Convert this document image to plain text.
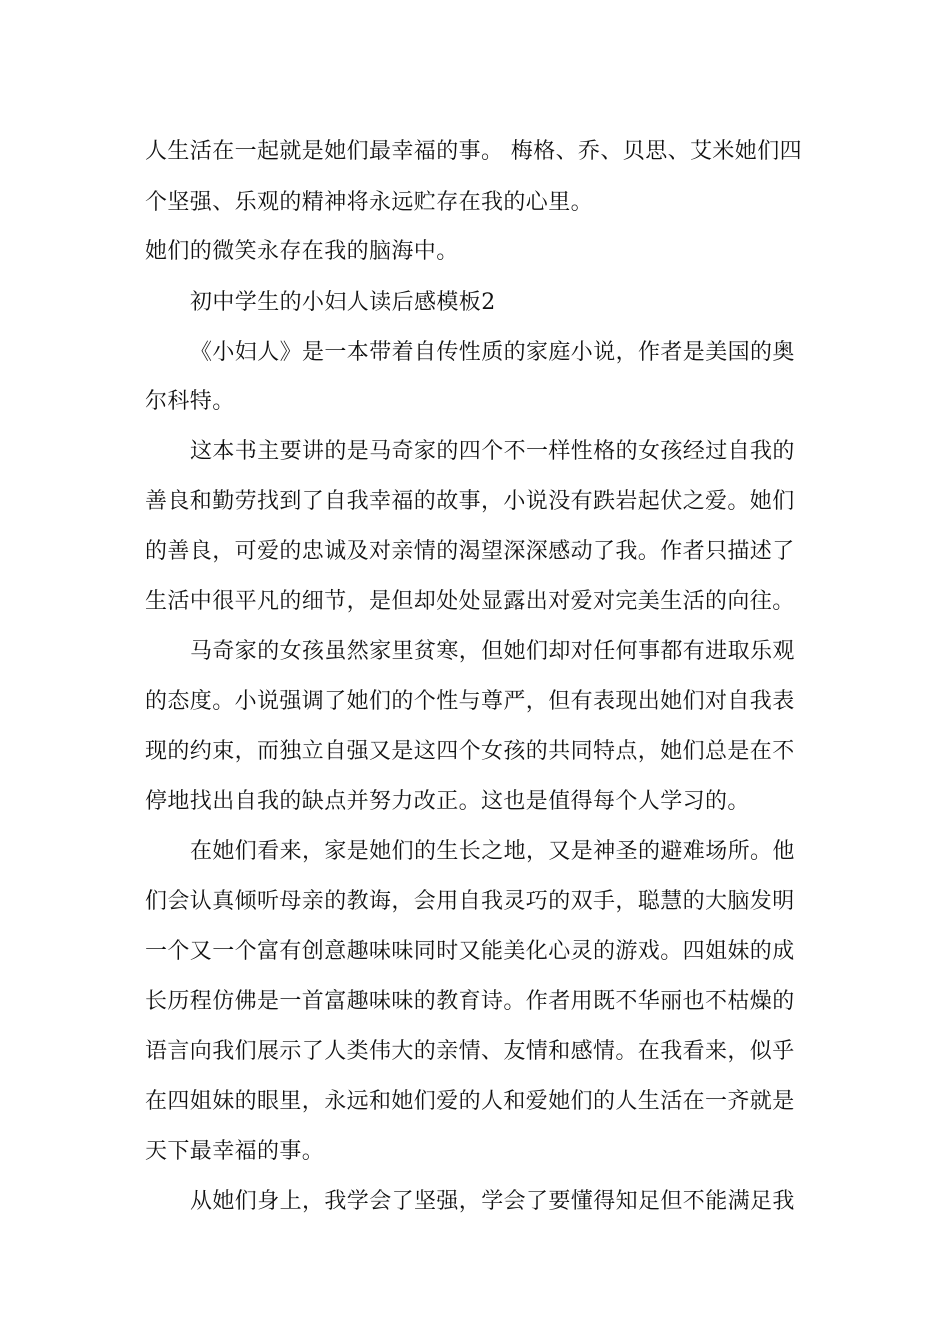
人生活在一起就是她们最幸福的事。 梅格、乔、贝思、艾米她们四
个坚强、乐观的精神将永远贮存在我的心里。
她们的微笑永存在我的脑海中。
初中学生的小妇人读后感模板2
《小妇人》是一本带着自传性质的家庭小说，作者是美国的奥
尔科特。
这本书主要讲的是马奇家的四个不一样性格的女孩经过自我的
善良和勤劳找到了自我幸福的故事，小说没有跌岩起伏之爱。她们
的善良，可爱的忠诚及对亲情的渴望深深感动了我。作者只描述了
生活中很平凡的细节，是但却处处显露出对爱对完美生活的向往。
马奇家的女孩虽然家里贫寒，但她们却对任何事都有进取乐观
的态度。小说强调了她们的个性与尊严，但有表现出她们对自我表
现的约束，而独立自强又是这四个女孩的共同特点，她们总是在不
停地找出自我的缺点并努力改正。这也是值得每个人学习的。
在她们看来，家是她们的生长之地，又是神圣的避难场所。他
们会认真倾听母亲的教诲，会用自我灵巧的双手，聪慧的大脑发明
一个又一个富有创意趣味味同时又能美化心灵的游戏。四姐妹的成
长历程仿佛是一首富趣味味的教育诗。作者用既不华丽也不枯燥的
语言向我们展示了人类伟大的亲情、友情和感情。在我看来，似乎
在四姐妹的眼里，永远和她们爱的人和爱她们的人生活在一齐就是
天下最幸福的事。
从她们身上，我学会了坚强，学会了要懂得知足但不能满足我
